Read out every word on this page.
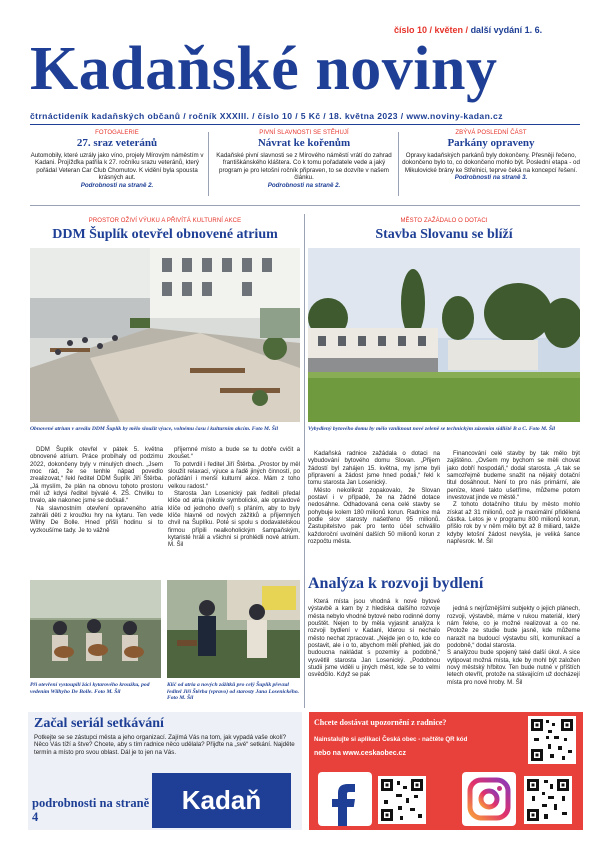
číslo 10 / květen / další vydání 1. 6.
Kadaňské noviny
čtrnáctideník kadaňských občanů / ročník XXXIII. / číslo 10 / 5 Kč / 18. května 2023 / www.noviny-kadan.cz
FOTOGALERIE
27. sraz veteránů
Automobily, které uzrály jako víno, projely Mírovým náměstím v Kadani. Projížďka patřila k 27. ročníku srazu veteránů, který pořádal Veteran Car Club Chomutov. K vidění byla spousta krásných aut.
Podrobnosti na straně 2.
PIVNÍ SLAVNOSTI SE STĚHUJÍ
Návrat ke kořenům
Kadaňské pivní slavnosti se z Mírového náměstí vrátí do zahrad františkánského kláštera. Co k tomu pořadatele vede a jaký program je pro letošní ročník připraven, to se dozvíte v našem článku.
Podrobnosti na straně 2.
ZBÝVÁ POSLEDNÍ ČÁST
Parkány opraveny
Opravy kadaňských parkánů byly dokončeny. Přesněji řečeno, dokončeno bylo to, co dokončeno mohlo být. Poslední etapa - od Mikulovické brány ke Střelnici, teprve čeká na koncepcí řešení.
Podrobnosti na straně 3.
PROSTOR OŽIVÍ VÝUKU A PŘIVÍTÁ KULTURNÍ AKCE
DDM Šuplík otevřel obnovené atrium
Obnovené atrium v areálu DDM Šuplík by mělo sloužit výuce, volnému času i kulturním akcím. Foto M. Šil

DDM Šuplík otevřel v pátek 5. května obnovené atrium. Práce probíhaly od podzimu 2022, dokončeny byly v minulých dnech. „Jsem moc rád, že se tenhle nápad povedlo zrealizovat,“ řekl ředitel DDM Šuplík Jiří Štěrba. „Já myslím, že plán na obnovu tohoto prostoru měl už kdysi ředitel bývalé 4. ZŠ. Chvilku to trvalo, ale nakonec jsme se dočkali.“

Na slavnostním otevření opraveného atria zahráli děti z kroužku hry na kytaru. Ten vede Wilhy De Bolle. Hned přišli hodinu si to vyzkoušíme tady. Je to vážně

příjemné místo a bude se tu dobře cvičit a zkoušet.“

To potvrdil i ředitel Jiří Štěrba. „Prostor by měl sloužit relaxaci, výuce a řadě jiných činností, po pořádání i menší kulturní akce. Mám z toho velkou radost.“

Starosta Jan Losenický pak řediteli předal klíče od atria (nikoliv symbolické, ale opravdové klíče od jednoho dveří) s přáním, aby to byly klíče hlavně od nových zážitků a příjemných chvil na Šuplíku. Poté si spolu s dodavatelskou firmou přípili nealkoholickým šampaňským, kytaristé hráli a všichni si prohlédli nové atrium. M. Šil

Při otevření vystoupili žáci kytarového kroužku, pod vedením Wilhyho De Bolle. Foto M. Šil
Klíč od atria a nových zážitků pro celý Šuplík převzal ředitel Jiří Štěrba (vpravo) od starosty Jana Losenického. Foto M. Šil
MĚSTO ZAŽÁDALO O DOTACI
Stavba Slovanu se blíží
Vybydlený bytového domu by mělo vzniknout nové zeleně se technickým zázemím sídliště B a C. Foto M. Šil

Kadaňská radnice zažádala o dotaci na vybudování bytového domu Slovan. „Přijem žádostí byl zahájen 15. května, my jsme byli připraveni a žádost jsme hned podali,“ řekl k tomu starosta Jan Losenický.

Město nekolikrát zopakovalo, že Slovan postaví i v případě, že na žádné dotace nedosáhne. Odhadovaná cena celé stavby se pohybuje kolem 180 milionů korun. Radnice má podle slov starosty našetřeno 95 milionů. Zastupitelstvo pak pro tento účel schválilo každoroční uvolnění dalších 50 milionů korun z rozpočtu města.

Financování celé stavby by tak mělo být zajištěno. „Ovšem my bychom se měli chovat jako dobří hospodáři,“ dodal starosta. „A tak se samozřejmě budeme snažit na nějaký dotační titul dosáhnout. Není to pro nás primární, ale peníze, které takto ušetříme, můžeme potom investovat jinde ve městě.“

Z tohoto dotačního titulu by město mohlo získat až 31 milionů, což je maximální přidělená částka. Letos je v programu 800 milionů korun, přišlo rok by v něm mělo být až 8 miliard, takže kdyby letošní žádost nevyšla, je veliká šance napřesrok. M. Šil

Analýza k rozvoji bydlení

Která místa jsou vhodná k nové bytové výstavbě a kam by z hlediska dalšího rozvoje města nebylo vhodné bytové nebo rodinné domy pouštět. Nejen to by měla vyjasnit analýza k rozvoji bydlení v Kadani, kterou si nechalo město nechat zpracovat. „Nejde jen o to, kde co postavit, ale i o to, abychom měli přehled, jak do budoucna nakládat s pozemky a podobně,“ vysvětlil starosta Jan Losenický. „Podobnou studii jsme viděli u jiných měst, kde se to velmi osvědčilo. Když se pak

jedná s nejrůznějšími subjekty o jejich plánech, rozvoji, výstavbě, máme v rukou materiál, který nám řekne, co je možné realizovat a co ne. Protože ze studie bude jasně, kde můžeme narazit na budoucí výstavbu sítí, komunikací a podobně,“ dodal starosta.
S analýzou bude spojený také další úkol. A sice vytipovat možná místa, kde by mohl být založen nový městský hřbitov. Ten bude nutné v příštích letech otevřít, protože na stávajícím už docházejí místa pro nové hroby. M. Šil

Začal seriál setkávání
Potkejte se se zástupci města a jeho organizací. Zajímá Vás na tom, jak vypadá vaše okolí? Něco Vás tíží a štve? Chcete, aby s tím radnice něco udělala? Přijďte na „své“ setkání. Najděte termín a místo pro svou oblast. Dál je to jen na Vás.
podrobnosti na straně 4
Kadaň
Chcete dostávat upozornění z radnice?
Nainstalujte si aplikaci Česká obec - načtěte QR kód
nebo na www.ceskaobec.cz
